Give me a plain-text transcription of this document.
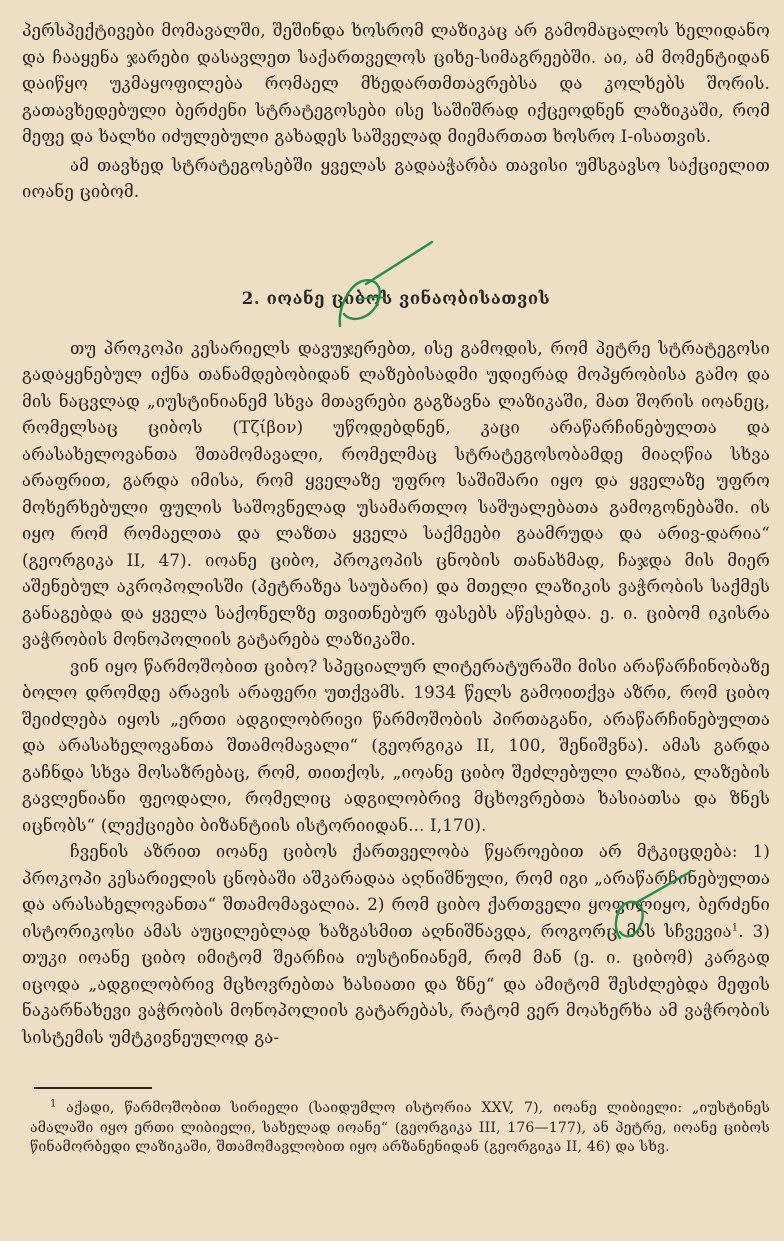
პერსპექტივები მომავალში, შეშინდა ხოსრომ ლაზიკაც არ გამომაცალოს ხელიდანო და ჩააყენა ჯარები დასავლეთ საქართველოს ციხე-სიმაგრეებში. აი, ამ მომენტიდან დაიწყო უკმაყოფილება რომაელ მხედართმთავრებსა და კოლხებს შორის. გათავხედებული ბერძენი სტრატეგოსები ისე საშიშრად იქცეოდნენ ლაზიკაში, რომ მეფე და ხალხი იძულებული გახადეს საშველად მიემართათ ხოსრო I-ისათვის.

ამ თავხედ სტრატეგოსებში ყველას გადააჭარბა თავისი უმსგავსო საქციელით იოანე ციბომ.

2. იოანე ციბოს ვინაობისათვის

თუ პროკოპი კესარიელს დავუჯერებთ, ისე გამოდის, რომ პეტრე სტრატეგოსი გადაყენებულ იქნა თანამდებობიდან ლაზებისადმი უდიერად მოპყრობისა გამო და მის ნაცვლად „იუსტინიანემ სხვა მთავრები გაგზავნა ლაზიკაში, მათ შორის იოანეც, რომელსაც ციბოს (Τζίβον) უწოდებდნენ, კაცი არაწარჩინებულთა და არასახელოვანთა შთამომავალი, რომელმაც სტრატეგოსობამდე მიაღწია სხვა არაფრით, გარდა იმისა, რომ ყველაზე უფრო საშიშარი იყო და ყველაზე უფრო მოხერხებული ფულის საშოვნელად უსამართლო საშუალებათა გამოგონებაში. ის იყო რომ რომაელთა და ლაზთა ყველა საქმეები გაამრუდა და არივ-დარია“ (გეორგიკა II, 47). იოანე ციბო, პროკოპის ცნობის თანახმად, ჩაჯდა მის მიერ აშენებულ აკროპოლისში (პეტრაზეა საუბარი) და მთელი ლაზიკის ვაჭრობის საქმეს განაგებდა და ყველა საქონელზე თვითნებურ ფასებს აწესებდა. ე. ი. ციბომ იკისრა ვაჭრობის მონოპოლიის გატარება ლაზიკაში.

ვინ იყო წარმოშობით ციბო? სპეციალურ ლიტერატურაში მისი არაწარჩინობაზე ბოლო დრომდე არავის არაფერი უთქვამს. 1934 წელს გამოითქვა აზრი, რომ ციბო შეიძლება იყოს „ერთი ადგილობრივი წარმოშობის პირთაგანი, არაწარჩინებულთა და არასახელოვანთა შთამომავალი“ (გეორგიკა II, 100, შენიშვნა). ამას გარდა გაჩნდა სხვა მოსაზრებაც, რომ, თითქოს, „იოანე ციბო შეძლებული ლაზია, ლაზების გავლენიანი ფეოდალი, რომელიც ადგილობრივ მცხოვრებთა ხასიათსა და ზნეს იცნობს“ (ლექციები ბიზანტიის ისტორიიდან... I,170).

ჩვენის აზრით იოანე ციბოს ქართველობა წყაროებით არ მტკიცდება: 1) პროკოპი კესარიელის ცნობაში აშკარადაა აღნიშნული, რომ იგი „არაწარჩინებულთა და არასახელოვანთა“ შთამომავალია. 2) რომ ციბო ქართველი ყოფილიყო, ბერძენი ისტორიკოსი ამას აუცილებლად ხაზგასმით აღნიშნავდა, როგორც მას სჩვევია$^1$. 3) თუკი იოანე ციბო იმიტომ შეარჩია იუსტინიანემ, რომ მან (ე. ი. ციბომ) კარგად იცოდა „ადგილობრივ მცხოვრებთა ხასიათი და ზნე“ და ამიტომ შესძლებდა მეფის ნაკარნახევი ვაჭრობის მონოპოლიის გატარებას, რატომ ვერ მოახერხა ამ ვაჭრობის სისტემის უმტკივნეულოდ გა-

$^1$ აქადი, წარმოშობით სირიელი (საიდუმლო ისტორია XXV, 7), იოანე ლიბიელი: „იუსტინეს ამალაში იყო ერთი ლიბიელი, სახელად იოანე“ (გეორგიკა III, 176—177), ან პეტრე, იოანე ციბოს წინამორბედი ლაზიკაში, შთამომავლობით იყო არზანენიდან (გეორგიკა II, 46) და სხვ.
